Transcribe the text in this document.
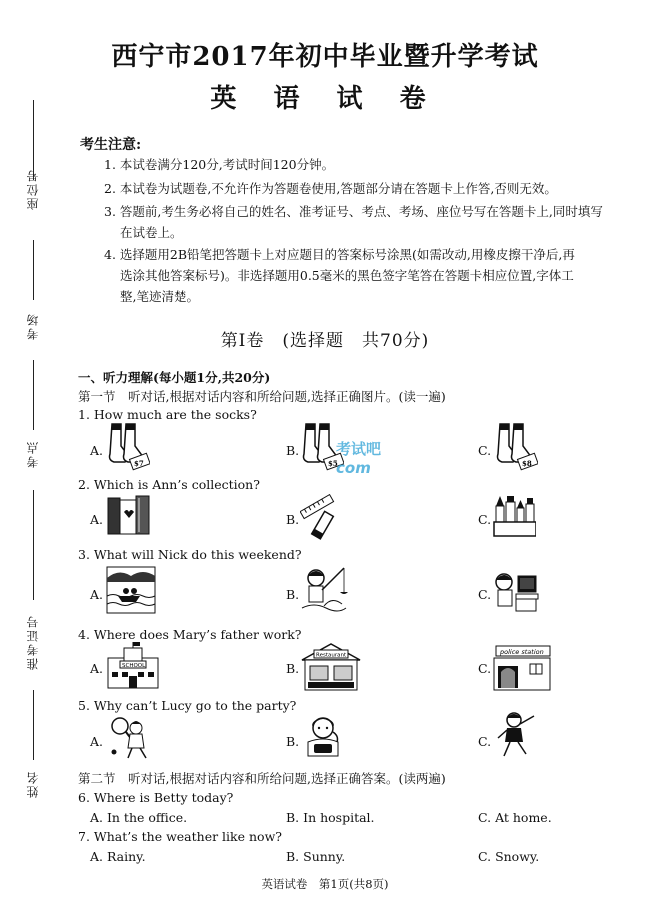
座位号
考场
考点
准考证号
姓名
西宁市2017年初中毕业暨升学考试
英 语 试 卷
考生注意:
1. 本试卷满分120分,考试时间120分钟。
2. 本试卷为试题卷,不允许作为答题卷使用,答题部分请在答题卡上作答,否则无效。
3. 答题前,考生务必将自己的姓名、准考证号、考点、考场、座位号写在答题卡上,同时填写
在试卷上。
4. 选择题用2B铅笔把答题卡上对应题目的答案标号涂黑(如需改动,用橡皮擦干净后,再
选涂其他答案标号)。非选择题用0.5毫米的黑色签字笔答在答题卡相应位置,字体工
整,笔迹清楚。
第Ⅰ卷　(选择题　共70分)
一、听力理解(每小题1分,共20分)
第一节　听对话,根据对话内容和所给问题,选择正确图片。(读一遍)
1. How much are the socks?
A.
$7
B.
$5
C.
$8
考试吧
com
2. Which is Ann’s collection?
A.	B.	C.
3. What will Nick do this weekend?
A.	B.	C.
4. Where does Mary’s father work?
A.	SCHOOL	B.
Restaurant
C.
police station
5. Why can’t Lucy go to the party?
A.	B.	C.
第二节　听对话,根据对话内容和所给问题,选择正确答案。(读两遍)
6. Where is Betty today?
A. In the office.	B. In hospital.	C. At home.
7. What’s the weather like now?
A. Rainy.	B. Sunny.	C. Snowy.
英语试卷　第1页(共8页)
